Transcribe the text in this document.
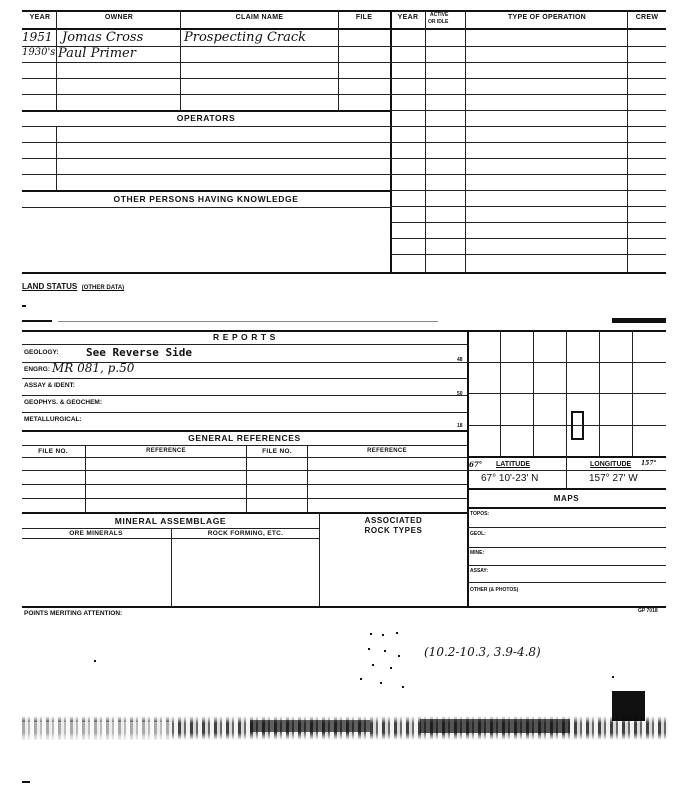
YEAR	OWNER	CLAIM NAME	FILE	YEAR	ACTIVE
OR IDLE
TYPE OF OPERATION	CREW
1951 Jomas Cross	Prospecting Crack
1930's Paul Primer
OPERATORS
OTHER PERSONS HAVING KNOWLEDGE
LAND STATUS (OTHER DATA)
R E P O R T S
GEOLOGY: See Reverse Side
48
ENGRG: MR 081, p.50
ASSAY & IDENT:
50
GEOPHYS. & GEOCHEM:
METALLURGICAL:
18
GENERAL REFERENCES
FILE NO.	REFERENCE	FILE NO.	REFERENCE
MINERAL ASSEMBLAGE	ASSOCIATED
ROCK TYPES
ORE MINERALS	ROCK FORMING, ETC.
67° LATITUDE	LONGITUDE 157°
67° 10'-23' N	157° 27' W
MAPS
TOPOS:
GEOL:
MINE:
ASSAY:
OTHER (& PHOTOS)
POINTS MERITING ATTENTION:	GP 7018
(10.2-10.3, 3.9-4.8)
